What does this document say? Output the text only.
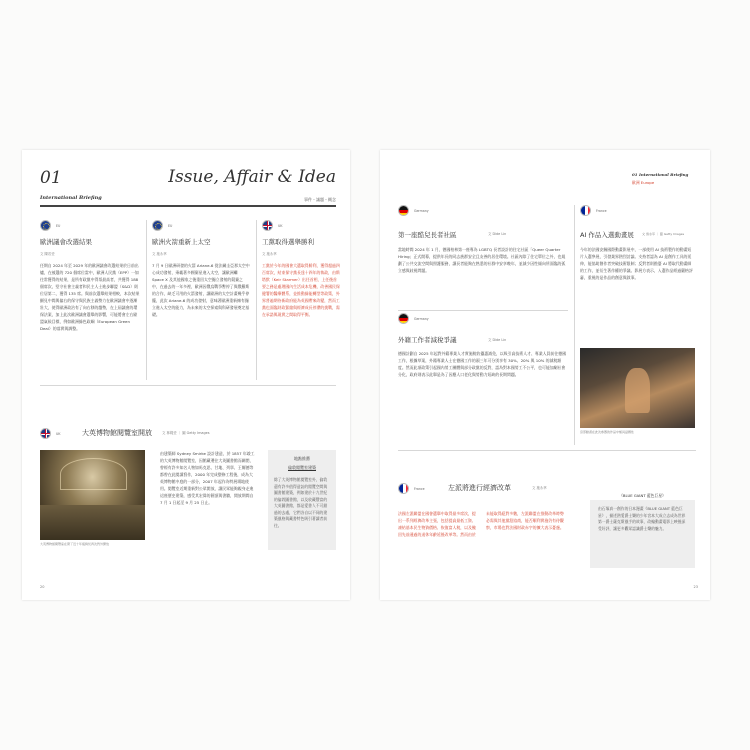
01	Issue, Affair & Idea
International Briefing	事件・議題・概念
EU
歐洲議會改選結果
文 陳若瑩
任期自 2024 年至 2029 年的歐洲議會改選結果於日前出爐，在被選的 720 個席位當中，歐洲人民黨（EPP）一如往常獲得的結果，是所有政黨中得票最高者，共獲得 188 個席次，堅守社會主義者和民主人士進步聯盟（S&D）則位居第二，獲得 135 席。與前次選舉結果相較，本次結果顯見中間與偏右的保守與民族主義勢力在歐洲議會中逐漸壯大，使得歐洲政治有了向右移的趨勢，在上屆議會的環保法案，加上此次歐洲議會選舉的影響，可能將會左右歐盟氣候目標，例如歐洲綠色政綱（European Green Deal）的落實與調整。
EU
歐洲火箭重新上太空
文 施永萃
7 月 9 日歐洲研發的火箭 Ariane-6 從法屬圭亞那太空中心成功發射，乘載著多顆衛星進入太空，讓歐洲繼 Space X 及其他國家之後重回太空獨立發射的競賽之中，在過去的一年多裡，歐洲因俄烏戰爭暫停了與俄羅斯的合作，缺乏可用的火箭發射，讓歐洲的太空計畫幾乎停擺，此次 Ariane-6 的成功發射，意味著歐洲重新擁有獨立進入太空的能力，為未來的太空探索與科研發展奠定基礎。
UK
工黨取得選舉勝利
文 施永萃
工黨於今年的國會大選取得勝利，獲得超過四百席次，結束保守黨長達十四年的執政，由斯塔默（Keir Starmer）出任首相，上任後首要之務是處理國內生活成本危機、改善國民保健署的醫療體系，並推動綠能轉型等政策，外界普遍期待新政府能為英國帶來改變，然而工黨也面臨財政緊縮與經濟成長停滯的挑戰，需在承諾與現實之間取得平衡。
UK	大英博物館閱覽室開放	文 林娓瑩 ｜ 圖 Getty Images
大英博物館閱覽室在閉了近十年後終於再次對外開放
由建築師 Sydney Smirke 設計建造，於 1857 年竣工的大英博物館閱覽室，因館藏遷往大英圖書館而關閉，曾經有許多知名人物如馬克思、甘地、列寧、王爾德等都曾在此閱讀寫作，2000 年完成整修工程後，成為大英博物館中庭的一部分，2007 年起作為特展場地使用。閱覽室近期重新對公眾開放，讓民眾能夠親身走進這座歷史建築，感受其宏偉的圓頂與書牆，開放期間自 7 月 1 日起至 9 月 25 日止。
地點推薦
倫敦閱覽室建築
除了大英博物館閱覽室外，倫敦還有許多值得造訪的閱覽空間與圖書館建築，例如建於十九世紀的倫敦圖書館，以及收藏豐富的大英圖書館，都是愛書人不可錯過的去處，它們各自以不同的建築風格與藏書特色吸引著讀者前往。
20
01 International Briefing
歐洲 Europe
Germany
第一座酷兒長者社區	文 Dide Lin
當地時間 2024 年 1 月，德國柏林第一座專為 LGBTQ 長者設計的住宅社區「Queer Quarter Hiring」正式開幕，提供年長的同志族群安全且友善的居住環境。社區內除了住宅單位之外，也規劃了公共交流空間與照護服務，讓長者能夠在熟悉的社群中安享晚年，並減少因性傾向所面臨的孤立感與歧視問題。
Germany
外籍工作者減稅爭議	文 Dide Lin
德國計劃自 2025 年起對外籍專業人才實施稅收優惠減免，以吸引高技術人才、專業人員前往德國工作，根據草案，外籍專業人士在德國工作的頭三年可分別享有 30%、20% 與 10% 的減稅額度。然而此項政策引起國內勞工團體與部分政黨的反對，認為對本國勞工不公平，也可能加劇社會分化，政府則表示此舉是為了因應人口老化與勞動力短缺的長期問題。
France
AI 作品入選動畫展	文 施永萃 ｜ 圖 Getty Images
今年的法國安錫國際動畫影展中，一部使用 AI 技術製作的動畫短片入選參展，引發業界熱烈討論。支持者認為 AI 是創作工具的延伸，能協助創作者突破技術限制；反對者則擔憂 AI 將取代動畫師的工作，並衍生著作權的爭議。影展方表示，入選作品經過嚴格評審，重視的是作品的創意與敘事。
這部動畫在此次參賽的作品中極具話題性
France	左派將進行經濟改革	文 施永萃
法國左派聯盟在國會選舉中取得最多席次，提出一系列經濟改革主張，包括提高最低工資、凍結基本民生物資價格、恢復富人稅，以及撤回先前通過的退休年齡延後改革等。然而由於未能取得絕對多數，左派聯盟在推動改革時勢必需與其他黨派協商，能否順利實施仍有待觀察，市場也對法國財政赤字的擴大表示憂慮。
由石塚真一創作的日本漫畫《BLUE GIANT 藍色巨星》，描述熱愛爵士樂的少年宮本大成立志成為世界第一爵士薩克斯風手的故事，改編動畫電影上映後深受好評，讓更多觀眾認識爵士樂的魅力。
《BLUE GIANT 藍色巨星》
23
